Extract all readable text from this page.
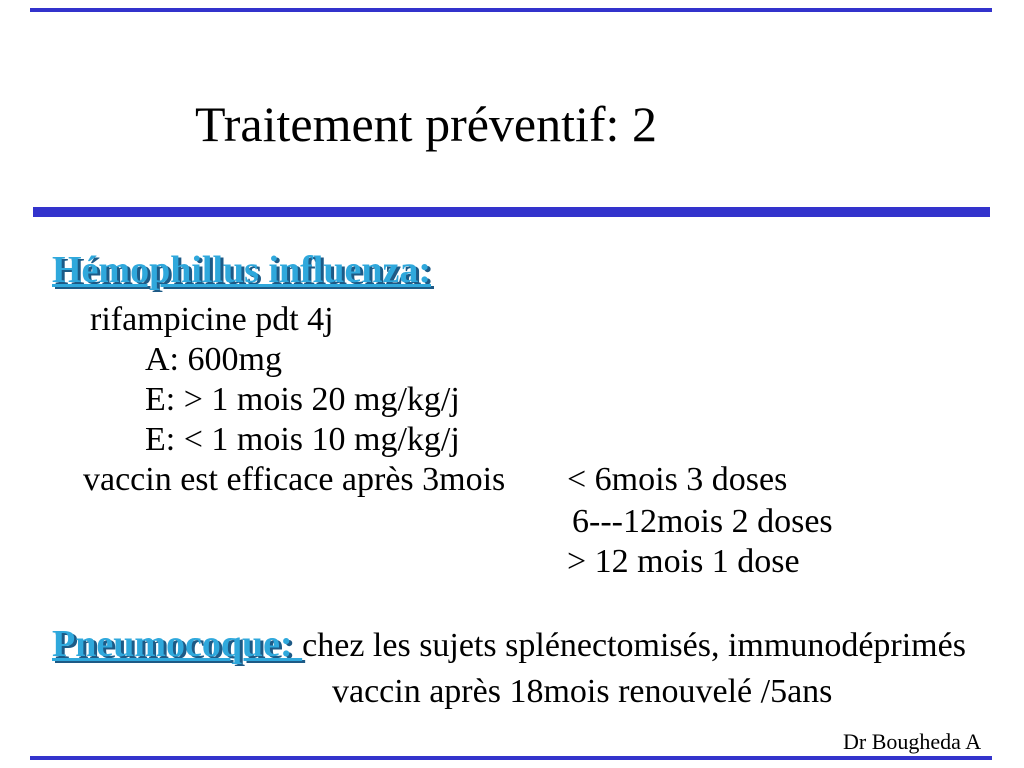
Traitement préventif: 2
Hémophillus influenza:
rifampicine pdt 4j
A: 600mg
E: > 1 mois 20 mg/kg/j
E: < 1 mois 10 mg/kg/j
vaccin est efficace après 3mois < 6mois 3 doses
6---12mois 2 doses
> 12 mois 1 dose
Pneumocoque: chez les sujets splénectomisés, immunodéprimés
vaccin après 18mois renouvelé /5ans
Dr Bougheda A
